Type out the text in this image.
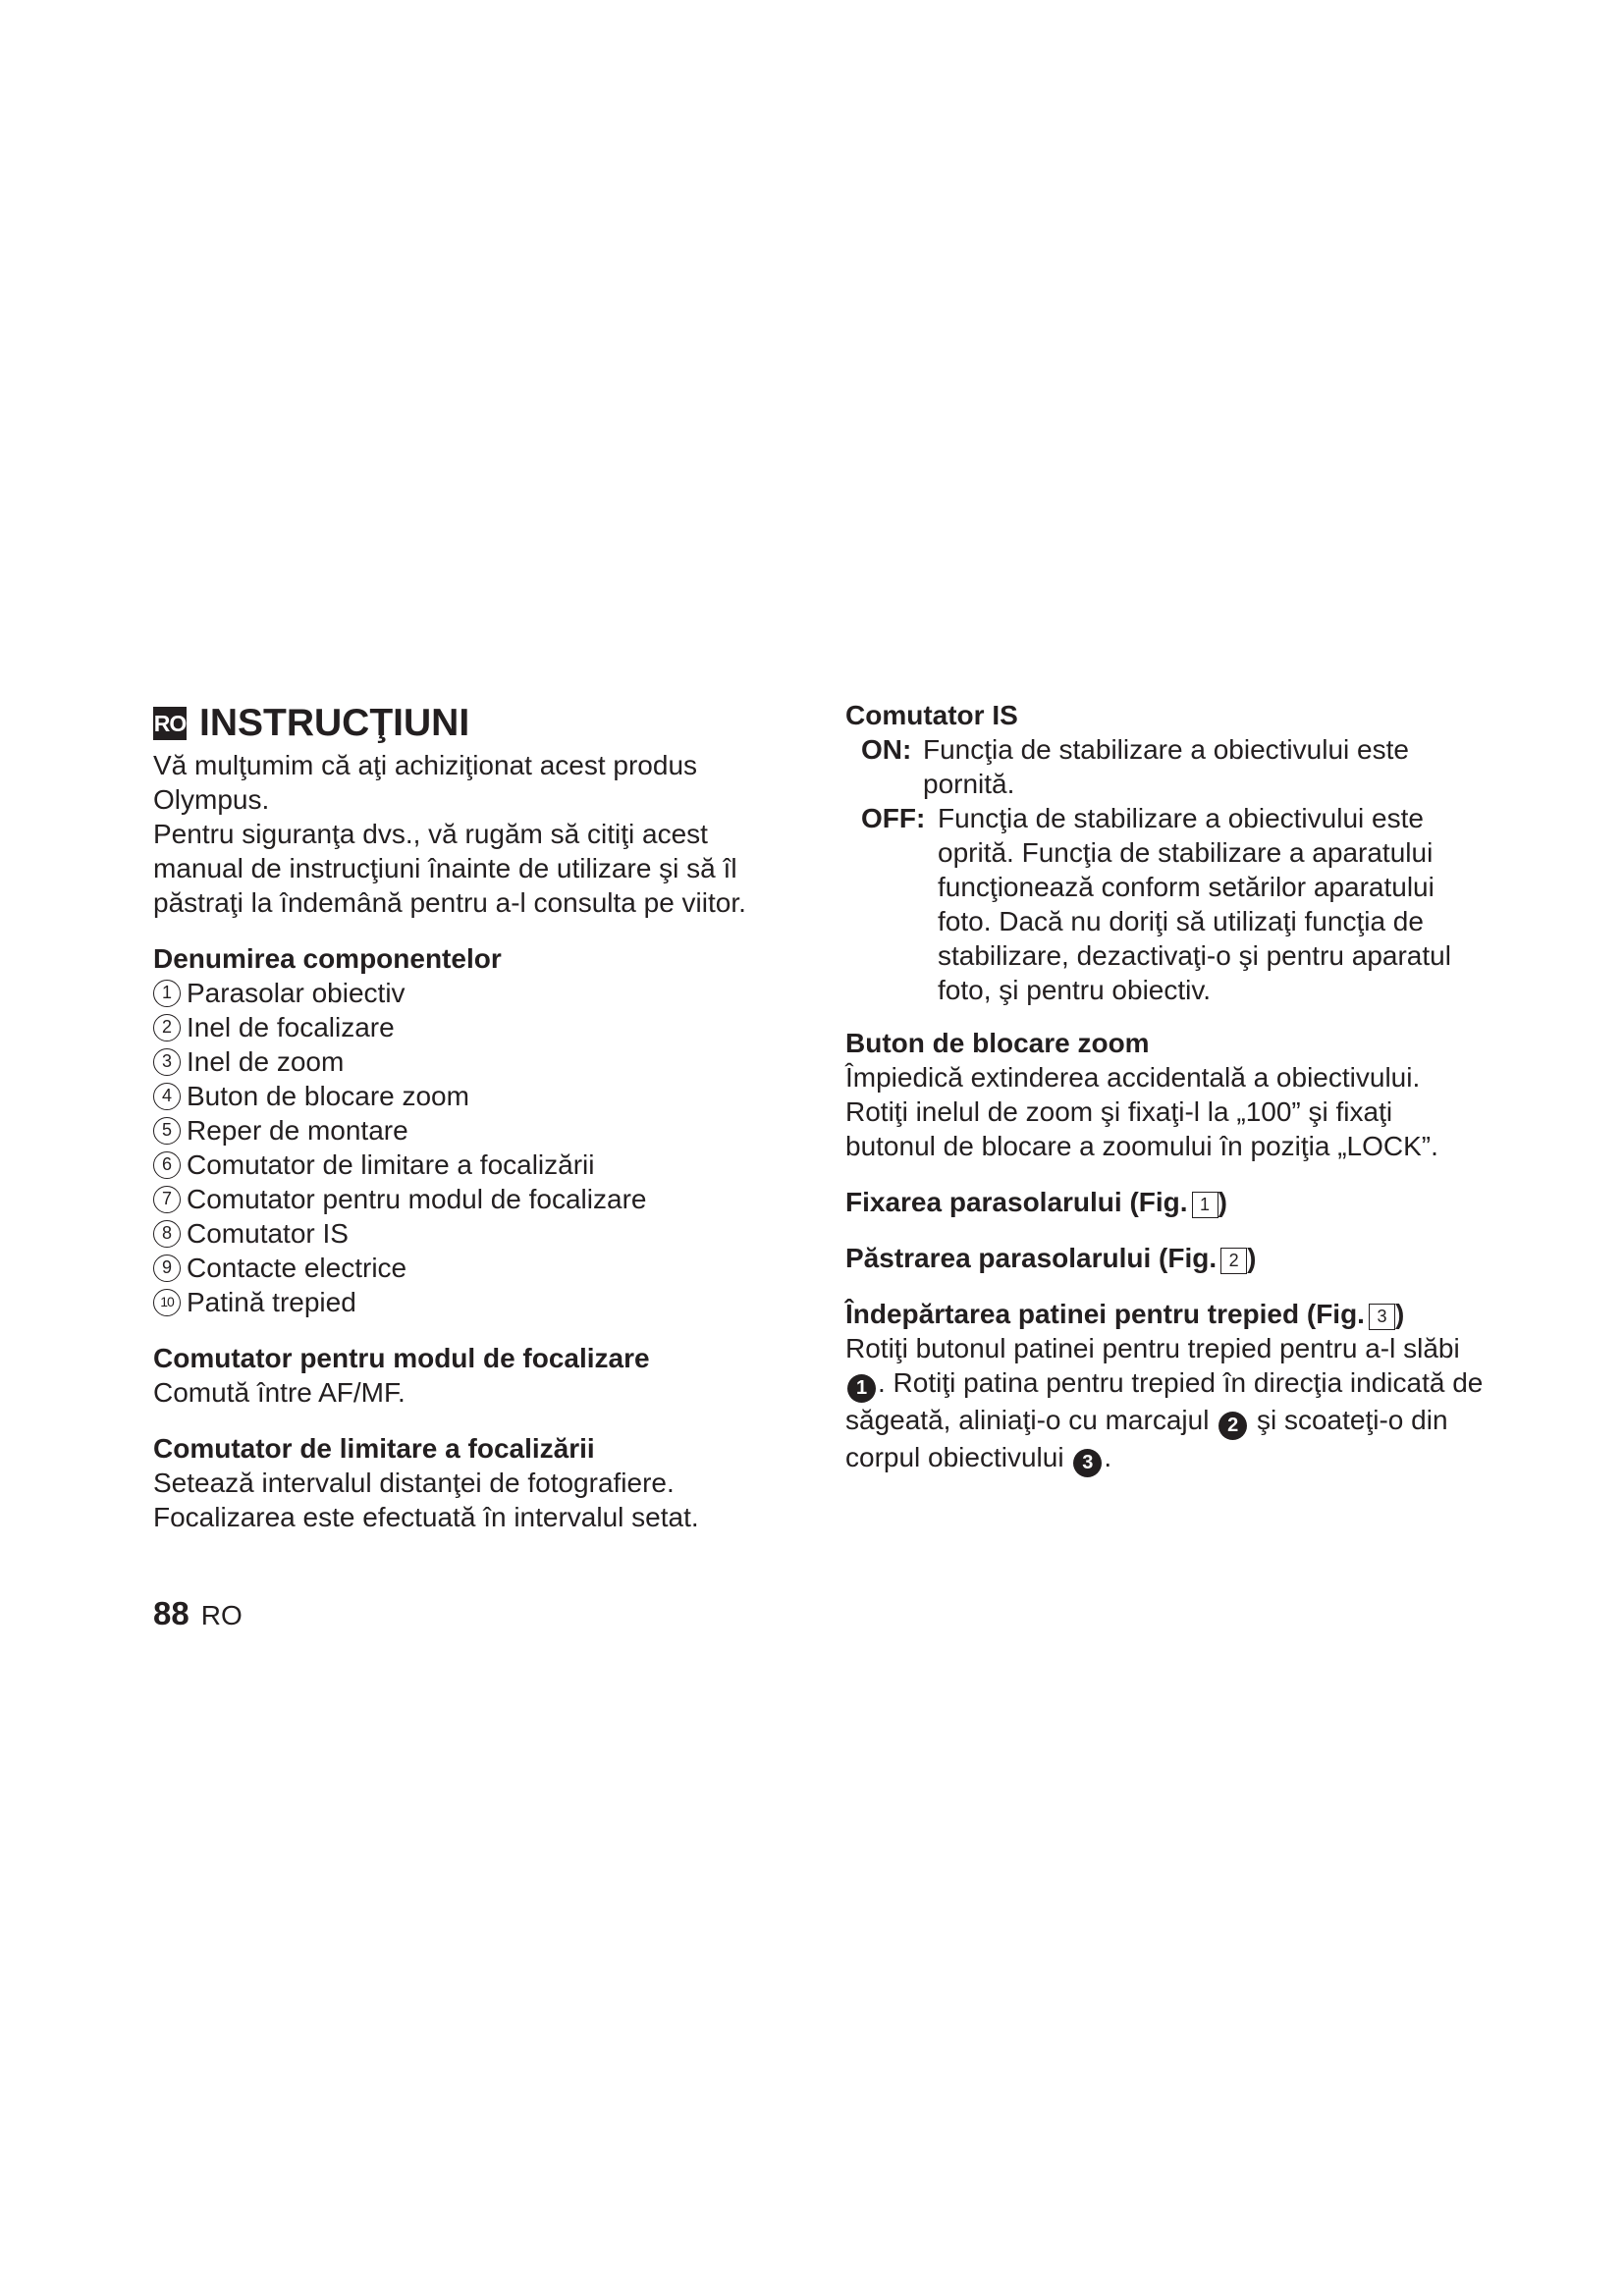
RO INSTRUCŢIUNI

Vă mulţumim că aţi achiziţionat acest produs Olympus.

Pentru siguranţa dvs., vă rugăm să citiţi acest manual de instrucţiuni înainte de utilizare şi să îl păstraţi la îndemână pentru a-l consulta pe viitor.

Denumirea componentelor
1 Parasolar obiectiv
2 Inel de focalizare
3 Inel de zoom
4 Buton de blocare zoom
5 Reper de montare
6 Comutator de limitare a focalizării
7 Comutator pentru modul de focalizare
8 Comutator IS
9 Contacte electrice
10 Patină trepied
Comutator pentru modul de focalizare

Comută între AF/MF.

Comutator de limitare a focalizării

Setează intervalul distanţei de fotografiere. Focalizarea este efectuată în intervalul setat.

Comutator IS
ON: Funcţia de stabilizare a obiectivului este pornită.
OFF: Funcţia de stabilizare a obiectivului este oprită. Funcţia de stabilizare a aparatului funcţionează conform setărilor aparatului foto. Dacă nu doriţi să utilizaţi funcţia de stabilizare, dezactivaţi-o şi pentru aparatul foto, şi pentru obiectiv.
Buton de blocare zoom

Împiedică extinderea accidentală a obiectivului. Rotiţi inelul de zoom şi fixaţi-l la „100” şi fixaţi butonul de blocare a zoomului în poziţia „LOCK”.

Fixarea parasolarului (Fig. 1 )
Păstrarea parasolarului (Fig. 2 )
Îndepărtarea patinei pentru trepied (Fig. 3 )

Rotiţi butonul patinei pentru trepied pentru a-l slăbi 1 . Rotiţi patina pentru trepied în direcţia indicată de săgeată, aliniaţi-o cu marcajul 2 şi scoateţi-o din corpul obiectivului 3 .

88 RO
